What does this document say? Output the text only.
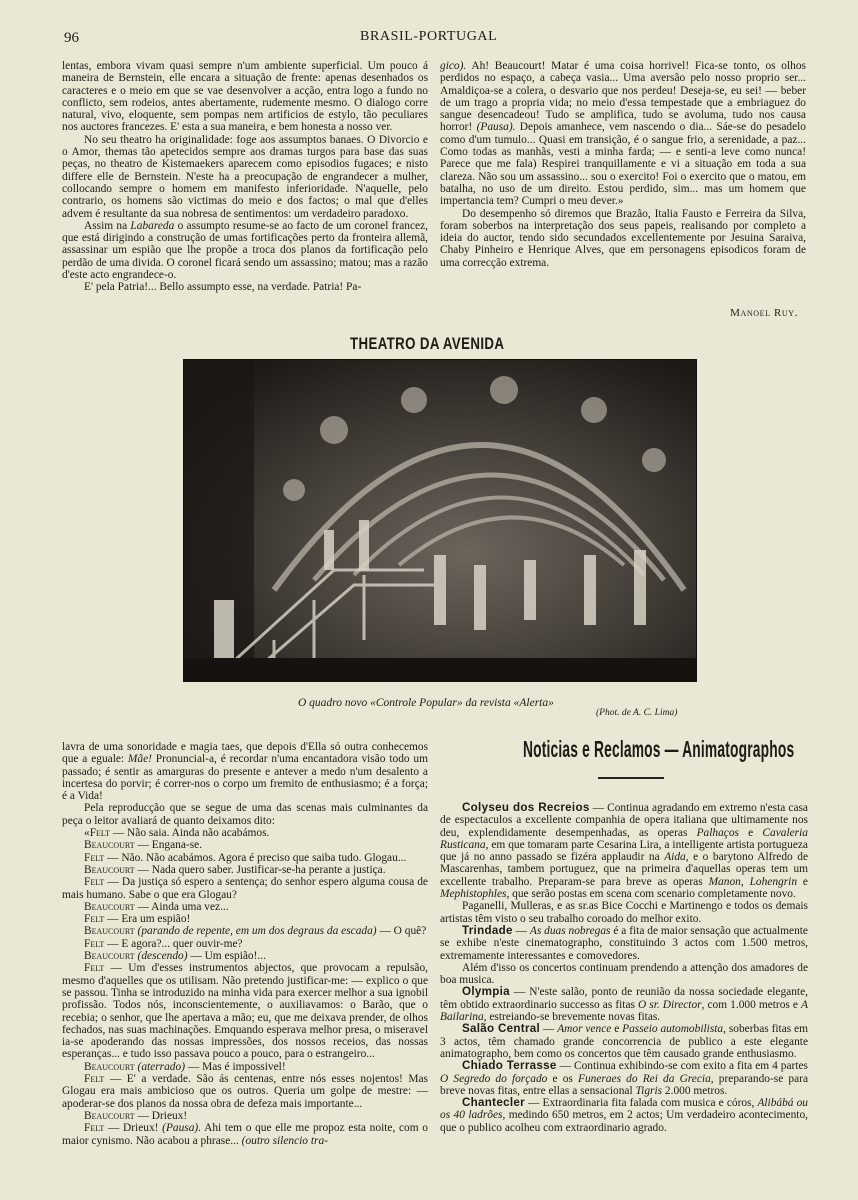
96	BRASIL-PORTUGAL

lentas, embora vivam quasi sempre n'um ambiente superficial. Um pouco á maneira de Bernstein, elle encara a situação de frente: apenas desenhados os caracteres e o meio em que se vae desenvolver a acção, entra logo a fundo no conflicto, sem rodeios, antes abertamente, rudemente mesmo. O dialogo corre natural, vivo, eloquente, sem pompas nem artificios de estylo, tão peculiares nos auctores francezes. E' esta a sua maneira, e bem honesta a nosso ver.

No seu theatro ha originalidade: foge aos assumptos banaes. O Divorcio e o Amor, themas tão apetecidos sempre aos dramas turgos para base das suas peças, no theatro de Kistemaekers aparecem como episodios fugaces; e nisto differe elle de Bernstein. N'este ha a preocupação de engrandecer a mulher, collocando sempre o homem em manifesto inferioridade. N'aquelle, pelo contrario, os homens são victimas do meio e dos factos; o mal que d'elles advem é resultante da sua nobresa de sentimentos: um verdadeiro paradoxo.

Assim na Labareda o assumpto resume-se ao facto de um coronel francez, que está dirigindo a construção de umas fortificações perto da fronteira allemã, assassinar um espião que lhe propõe a troca dos planos da fortificação pelo perdão de uma divida. O coronel ficará sendo um assassino; matou; mas a razão d'este acto engrandece-o.

E' pela Patria!... Bello assumpto esse, na verdade. Patria! Pa-

gico). Ah! Beaucourt! Matar é uma coisa horrivel! Fica-se tonto, os olhos perdidos no espaço, a cabeça vasia... Uma aversão pelo nosso proprio ser... Amaldiçoa-se a colera, o desvario que nos perdeu! Deseja-se, eu sei! — beber de um trago a propria vida; no meio d'essa tempestade que a embriaguez do sangue desencadeou! Tudo se amplifica, tudo se avoluma, tudo nos causa horror! (Pausa). Depois amanhece, vem nascendo o dia... Sáe-se do pesadelo como d'um tumulo... Quasi em transição, é o sangue frio, a serenidade, a paz... Como todas as manhãs, vesti a minha farda; — e senti-a leve como nunca! Parece que me fala) Respirei tranquillamente e vi a situação em toda a sua clareza. Não sou um assassino... sou o exercito! Foi o exercito que o matou, em batalha, no uso de um direito. Estou perdido, sim... mas um homem que impertancia tem? Cumpri o meu dever.»

Do desempenho só diremos que Brazão, Italia Fausto e Ferreira da Silva, foram soberbos na interpretação dos seus papeis, realisando por completo a ideia do auctor, tendo sido secundados excellentemente por Jesuina Saraiva, Chaby Pinheiro e Henrique Alves, que em personagens episodicos foram de uma correcção extrema.

Manoel Ruy.
THEATRO DA AVENIDA
O quadro novo «Controle Popular» da revista «Alerta»
(Phot. de A. C. Lima)

lavra de uma sonoridade e magia taes, que depois d'Ella só outra conhecemos que a eguale: Mãe! Pronuncial-a, é recordar n'uma encantadora visão todo um passado; é sentir as amarguras do presente e antever a medo n'um desalento a incertesa do porvir; é correr-nos o corpo um fremito de enthusiasmo; é a força; é a Vida!

Pela reproducção que se segue de uma das scenas mais culminantes da peça o leitor avaliará de quanto deixamos dito:

«Felt — Não saia. Ainda não acabámos.

Beaucourt — Engana-se.

Felt — Não. Não acabámos. Agora é preciso que saiba tudo. Glogau...

Beaucourt — Nada quero saber. Justificar-se-ha perante a justiça.

Felt — Da justiça só espero a sentença; do senhor espero alguma cousa de mais humano. Sabe o que era Glogau?

Beaucourt — Ainda uma vez...

Felt — Era um espião!

Beaucourt (parando de repente, em um dos degraus da escada) — O quê?

Felt — E agora?... quer ouvir-me?

Beaucourt (descendo) — Um espião!...

Felt — Um d'esses instrumentos abjectos, que provocam a repulsão, mesmo d'aquelles que os utilisam. Não pretendo justificar-me: — explico o que se passou. Tinha se introduzido na minha vida para exercer melhor a sua ignobil profissão. Todos nós, inconscientemente, o auxiliavamos: o Barão, que o recebia; o senhor, que lhe apertava a mão; eu, que me deixava prender, de olhos fechados, nas suas machinações. Emquando esperava melhor presa, o miseravel ia-se apoderando das nossas impressões, dos nossos receios, das nossas esperanças... e tudo isso passava pouco a pouco, para o estrangeiro...

Beaucourt (aterrado) — Mas é impossivel!

Felt — E' a verdade. São ás centenas, entre nós esses nojentos! Mas Glogau era mais ambicioso que os outros. Queria um golpe de mestre: — apoderar-se dos planos da nossa obra de defeza mais importante...

Beaucourt — Drieux!

Felt — Drieux! (Pausa). Ahi tem o que elle me propoz esta noite, com o maior cynismo. Não acabou a phrase... (outro silencio tra-

Noticias e Reclamos — Animatographos

Colyseu dos Recreios — Continua agradando em extremo n'esta casa de espectaculos a excellente companhia de opera italiana que ultimamente nos deu, explendidamente desempenhadas, as operas Palhaços e Cavaleria Rusticana, em que tomaram parte Cesarina Lira, a intelligente artista portugueza que já no anno passado se fizéra applaudir na Aida, e o barytono Alfredo de Mascarenhas, tambem portuguez, que na primeira d'aquellas operas tem um excellente trabalho. Preparam-se para breve as operas Manon, Lohengrin e Mephistophles, que serão postas em scena com scenario completamente novo.

Paganelli, Mulleras, e as sr.as Bice Cocchi e Martinengo e todos os demais artistas têm visto o seu trabalho coroado do melhor exito.

Trindade — As duas nobregas é a fita de maior sensação que actualmente se exhibe n'este cinematographo, constituindo 3 actos com 1.500 metros, extremamente interessantes e comovedores.

Além d'isso os concertos continuam prendendo a attenção dos amadores de boa musica.

Olympia — N'este salão, ponto de reunião da nossa sociedade elegante, têm obtido extraordinario successo as fitas O sr. Director, com 1.000 metros e A Bailarina, estreiando-se brevemente novas fitas.

Salão Central — Amor vence e Passeio automobilista, soberbas fitas em 3 actos, têm chamado grande concorrencia de publico a este elegante animatographo, bem como os concertos que têm causado grande enthusiasmo.

Chiado Terrasse — Continua exhibindo-se com exito a fita em 4 partes O Segredo do forçado e os Funeraes do Rei da Grecia, preparando-se para breve novas fitas, entre ellas a sensacional Tigris 2.000 metros.

Chantecler — Extraordinaria fita falada com musica e córos, Alibábá ou os 40 ladrões, medindo 650 metros, em 2 actos; Um verdadeiro acontecimento, que o publico acolheu com extraordinario agrado.
